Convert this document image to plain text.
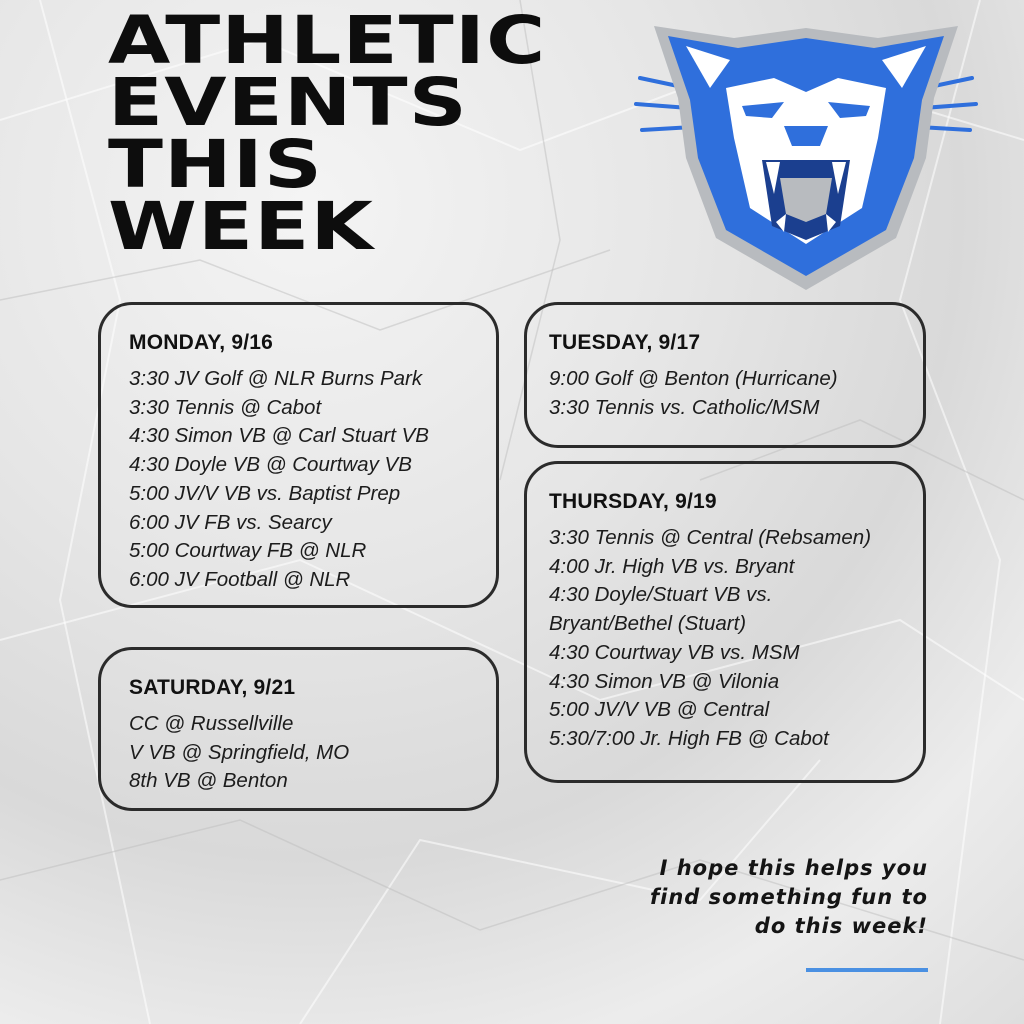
ATHLETIC
EVENTS
THIS
WEEK
MONDAY, 9/16
3:30 JV Golf @ NLR Burns Park
3:30 Tennis @ Cabot
4:30 Simon VB @ Carl Stuart VB
4:30 Doyle VB @ Courtway VB
5:00 JV/V VB vs. Baptist Prep
6:00 JV FB vs. Searcy
5:00 Courtway FB @ NLR
6:00 JV Football @ NLR
TUESDAY, 9/17
9:00 Golf @ Benton (Hurricane)
3:30 Tennis vs. Catholic/MSM
THURSDAY, 9/19
3:30 Tennis @ Central (Rebsamen)
4:00 Jr. High VB vs. Bryant
4:30 Doyle/Stuart VB vs.
Bryant/Bethel (Stuart)
4:30 Courtway VB vs. MSM
4:30 Simon VB @ Vilonia
5:00 JV/V VB @ Central
5:30/7:00 Jr. High FB @ Cabot
SATURDAY, 9/21
CC @ Russellville
V VB @ Springfield, MO
8th VB @ Benton
I hope this helps you
find something fun to
do this week!
